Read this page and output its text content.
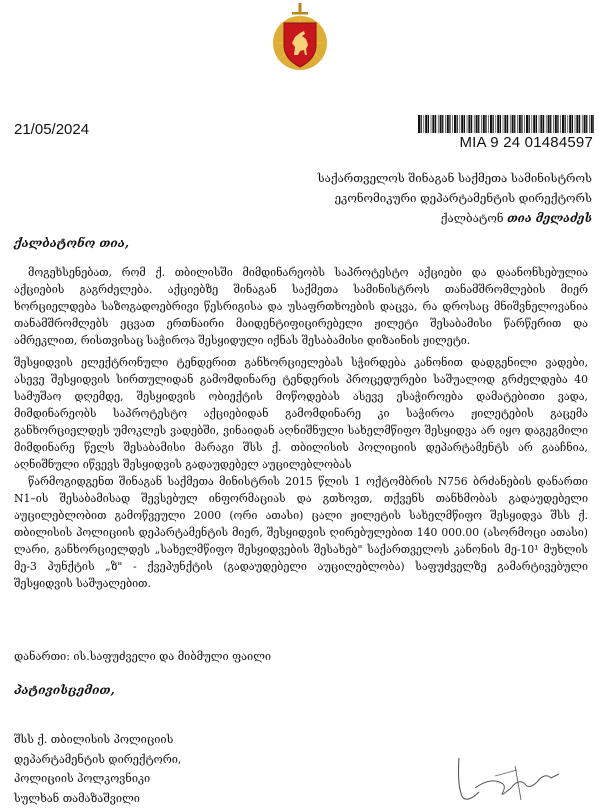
21/05/2024
MIA 9 24 01484597
საქართველოს შინაგან საქმეთა სამინისტროს
ეკონომიკური დეპარტამენტის დირექტორს
ქალბატონ თია მელაძეს
ქალბატონო თია,

მოგეხსენებათ, რომ ქ. თბილისში მიმდინარეობს საპროტესტო აქციები და დაანონსებულია აქციების გაგრძელება. აქციებზე შინაგან საქმეთა სამინისტროს თანამშრომლების მიერ ხორციელდება საზოგადოებრივი წესრიგისა და უსაფრთხოების დაცვა, რა დროსაც მნიშვნელოვანია თანამშრომლებს ეცვათ ერთნაირი მაიდენტიფიცირებელი ჟილეტი შესაბამისი წარწერით და ამრეკლით, რისთვისაც საჭიროა შესყიდული იქნას შესაბამისი დიზაინის ჟილეტი.

შესყიდვის ელექტრონული ტენდერით განხორციელებას სჭირდება კანონით დადგენილი ვადები, ასევე შესყიდვის სირთულიდან გამომდინარე ტენდერის პროცედურები საშუალოდ გრძელდება 40 სამუშაო დღემდე, შესყიდვის ობიექტის მოწოდებას ასევე ესაჭიროება დამატებითი ვადა, მიმდინარეობს საპროტესტო აქციებიდან გამომდინარე კი საჭიროა ჟილეტების გაცემა განხორციელდეს უმოკლეს ვადებში, ვინაიდან აღნიშნული სახელმწიფო შესყიდვა არ იყო დაგეგმილი მიმდინარე წელს შესაბამისი მარაგი შსს ქ. თბილისის პოლიციის დეპარტამენტს არ გააჩნია, აღნიშნული იწვევს შესყიდვის გადაუდებელ აუცილებლობას

წარმოგიდგენთ შინაგან საქმეთა მინისტრის 2015 წლის 1 ოქტომბრის N756 ბრძანების დანართი N1–ის შესაბამისად შევსებულ ინფორმაციას და გთხოვთ, თქვენს თანხმობას გადაუდებელი აუცილებლობით გამოწვეული 2000 (ორი ათასი) ცალი ჟილეტის სახელმწიფო შესყიდვა შსს ქ. თბილისის პოლიციის დეპარტამენტის მიერ, შესყიდვის ღირებულებით 140 000.00 (ასორმოცი ათასი) ლარი, განხორციელდეს „სახელმწიფო შესყიდვების შესახებ" საქართველოს კანონის მე-10¹ მუხლის მე-3 პუნქტის „ზ" - ქვეპუნქტის (გადაუდებელი აუცილებლობა) საფუძველზე გამარტივებული შესყიდვის საშუალებით.

დანართი: ის.საფუძველი და მიბმული ფაილი
პატივისცემით,
შსს ქ. თბილისის პოლიციის
დეპარტამენტის დირექტორი,
პოლიციის პოლკოვნიკი
სულხან თამაზაშვილი
